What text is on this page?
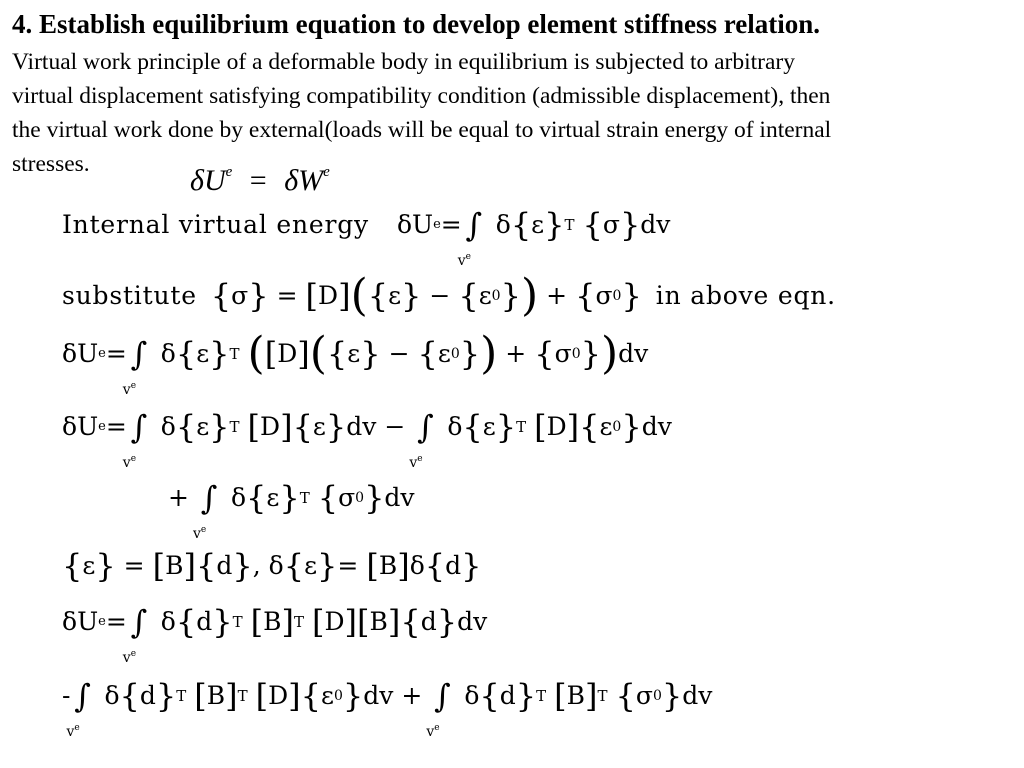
4. Establish equilibrium equation to develop element stiffness relation.
Virtual work principle of a deformable body in equilibrium is subjected to arbitrary
virtual displacement satisfying compatibility condition (admissible displacement), then
the virtual work done by external(loads will be equal to virtual strain energy of internal
stresses.	$\delta U^e = \delta W^e$
Internal virtual energy δ U e = ∫
$v^e$
δ { ε } T { σ } dv
substitute { σ } = [ D ] ( { ε } − { ε 0 } ) + { σ 0 } in above eqn.
δ U e = ∫
$v^e$
δ { ε } T ( [ D ] ( { ε } − { ε 0 } ) + { σ 0 } ) dv
δ U e = ∫
$v^e$
δ { ε } T [ D ] { ε } dv − ∫
$v^e$
δ { ε } T [ D ] { ε 0 } dv
+ ∫
$v^e$
δ { ε } T { σ 0 } dv
{ ε } = [ B ] { d } , δ { ε } = [ B ] δ { d }
δ U e = ∫
$v^e$
δ { d } T [ B ] T [ D ] [ B ] { d } dv
- ∫
$v^e$
δ { d } T [ B ] T [ D ] { ε 0 } dv + ∫
$v^e$
δ { d } T [ B ] T { σ 0 } dv
